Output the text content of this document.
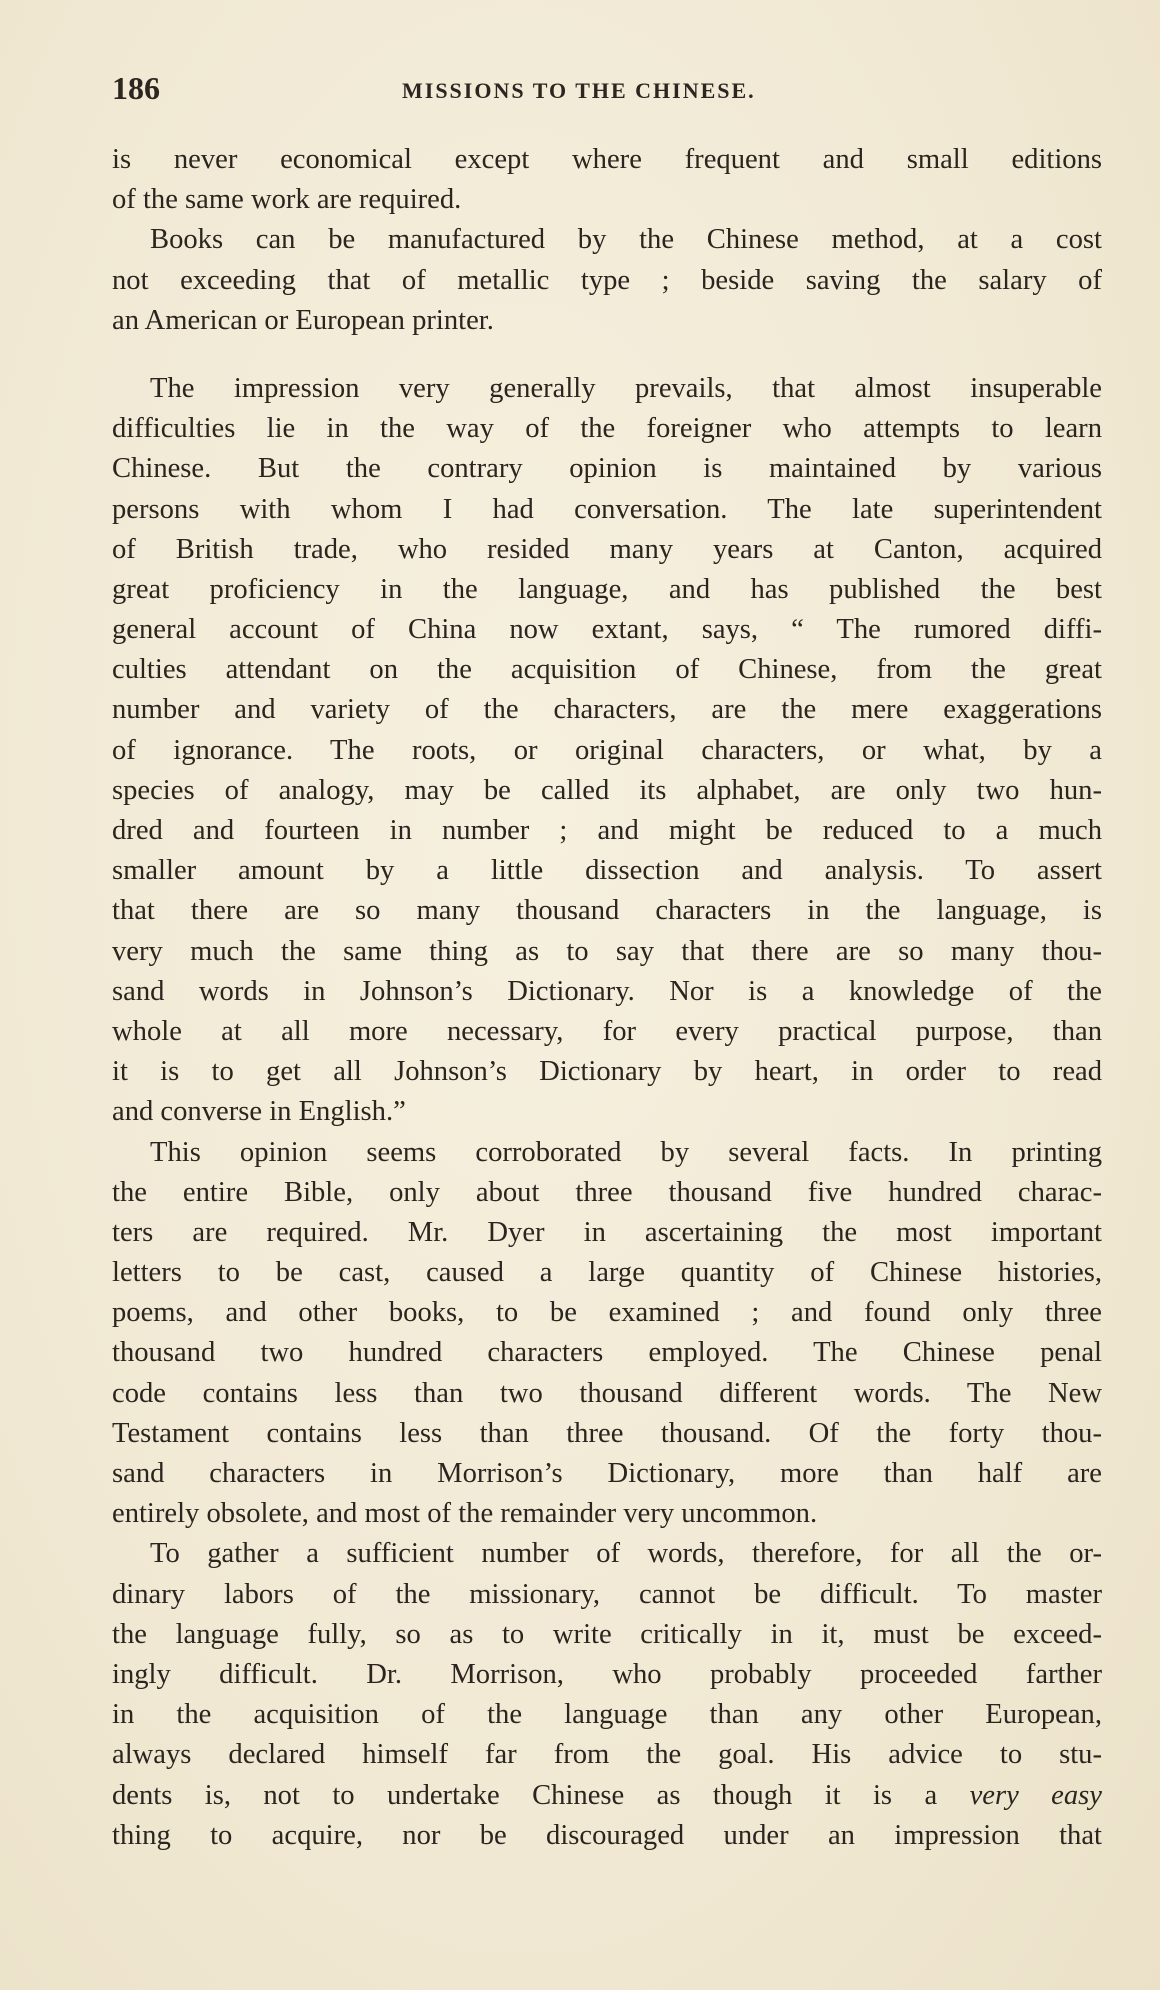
186	MISSIONS TO THE CHINESE.
is never economical except where frequent and small editions
of the same work are required.
Books can be manufactured by the Chinese method, at a cost
not exceeding that of metallic type ; beside saving the salary of
an American or European printer.
The impression very generally prevails, that almost insuperable
difficulties lie in the way of the foreigner who attempts to learn
Chinese. But the contrary opinion is maintained by various
persons with whom I had conversation. The late superintendent
of British trade, who resided many years at Canton, acquired
great proficiency in the language, and has published the best
general account of China now extant, says, “ The rumored diffi-
culties attendant on the acquisition of Chinese, from the great
number and variety of the characters, are the mere exaggerations
of ignorance. The roots, or original characters, or what, by a
species of analogy, may be called its alphabet, are only two hun-
dred and fourteen in number ; and might be reduced to a much
smaller amount by a little dissection and analysis. To assert
that there are so many thousand characters in the language, is
very much the same thing as to say that there are so many thou-
sand words in Johnson’s Dictionary. Nor is a knowledge of the
whole at all more necessary, for every practical purpose, than
it is to get all Johnson’s Dictionary by heart, in order to read
and converse in English.”
This opinion seems corroborated by several facts. In printing
the entire Bible, only about three thousand five hundred charac-
ters are required. Mr. Dyer in ascertaining the most important
letters to be cast, caused a large quantity of Chinese histories,
poems, and other books, to be examined ; and found only three
thousand two hundred characters employed. The Chinese penal
code contains less than two thousand different words. The New
Testament contains less than three thousand. Of the forty thou-
sand characters in Morrison’s Dictionary, more than half are
entirely obsolete, and most of the remainder very uncommon.
To gather a sufficient number of words, therefore, for all the or-
dinary labors of the missionary, cannot be difficult. To master
the language fully, so as to write critically in it, must be exceed-
ingly difficult. Dr. Morrison, who probably proceeded farther
in the acquisition of the language than any other European,
always declared himself far from the goal. His advice to stu-
dents is, not to undertake Chinese as though it is a very easy
thing to acquire, nor be discouraged under an impression that
